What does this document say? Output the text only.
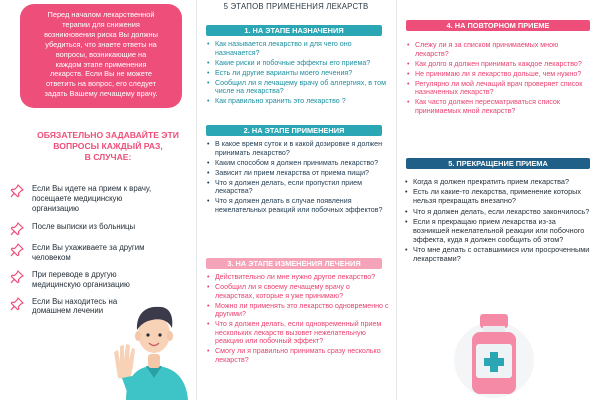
Перед началом лекарственной
терапии для снижения
возникновения риска Вы должны
убедиться, что знаете ответы на
вопросы, возникающие на
каждом этапе применения
лекарств. Если Вы не можете
ответить на вопрос, его следует
задать Вашему лечащему врачу.

ОБЯЗАТЕЛЬНО ЗАДАВАЙТЕ ЭТИ
ВОПРОСЫ КАЖДЫЙ РАЗ,
В СЛУЧАЕ:
Если Вы идете на прием к врачу,
посещаете медицинскую
организацию
После выписки из больницы
Если Вы ухаживаете за другим
человеком
При переводе в другую
медицинскую организацию
Если Вы находитесь на
домашнем лечении
5 ЭТАПОВ ПРИМЕНЕНИЯ ЛЕКАРСТВ
1. НА ЭТАПЕ НАЗНАЧЕНИЯ
• Как называется лекарство и для чего оно назначается?
• Какие риски и побочные эффекты его приема?
• Есть ли другие варианты моего лечения?
• Сообщил ли я лечащему врачу об аллергиях, в том числе на лекарства?
• Как правильно хранить это лекарство ?
2. НА ЭТАПЕ ПРИМЕНЕНИЯ
• В какое время суток и в какой дозировке я должен принимать лекарство?
• Каким способом я должен принимать лекарство?
• Зависит ли прием лекарства от приема пищи?
• Что я должен делать, если пропустил прием лекарства?
• Что я должен делать в случае появления нежелательных реакций или побочных эффектов?
3. НА ЭТАПЕ ИЗМЕНЕНИЯ ЛЕЧЕНИЯ
• Действительно ли мне нужно другое лекарство?
• Сообщил ли я своему лечащему врачу о лекарствах, которые я уже принимаю?
• Можно ли применять это лекарство одновременно с другими?
• Что я должен делать, если одновременный прием нескольких лекарств вызовет нежелательную реакцию или побочный эффект?
• Смогу ли я правильно принимать сразу несколько лекарств?
4. НА ПОВТОРНОМ ПРИЕМЕ
• Слежу ли я за списком принимаемых мною лекарств?
• Как долго я должен принимать каждое лекарство?
• Не принимаю ли я лекарство дольше, чем нужно?
• Регулярно ли мой лечащий врач проверяет список назначенных лекарств?
• Как часто должен пересматриваться список принимаемых мной лекарств?
5. ПРЕКРАЩЕНИЕ ПРИЕМА
• Когда я должен прекратить прием лекарства?
• Есть ли какие-то лекарства, применение которых нельзя прекращать внезапно?
• Что я должен делать, если лекарство закончилось?
• Если я прекращаю прием лекарства из-за возникшей нежелательной реакции или побочного эффекта, куда я должен сообщить об этом?
• Что мне делать с оставшимися или просроченными лекарствами?
